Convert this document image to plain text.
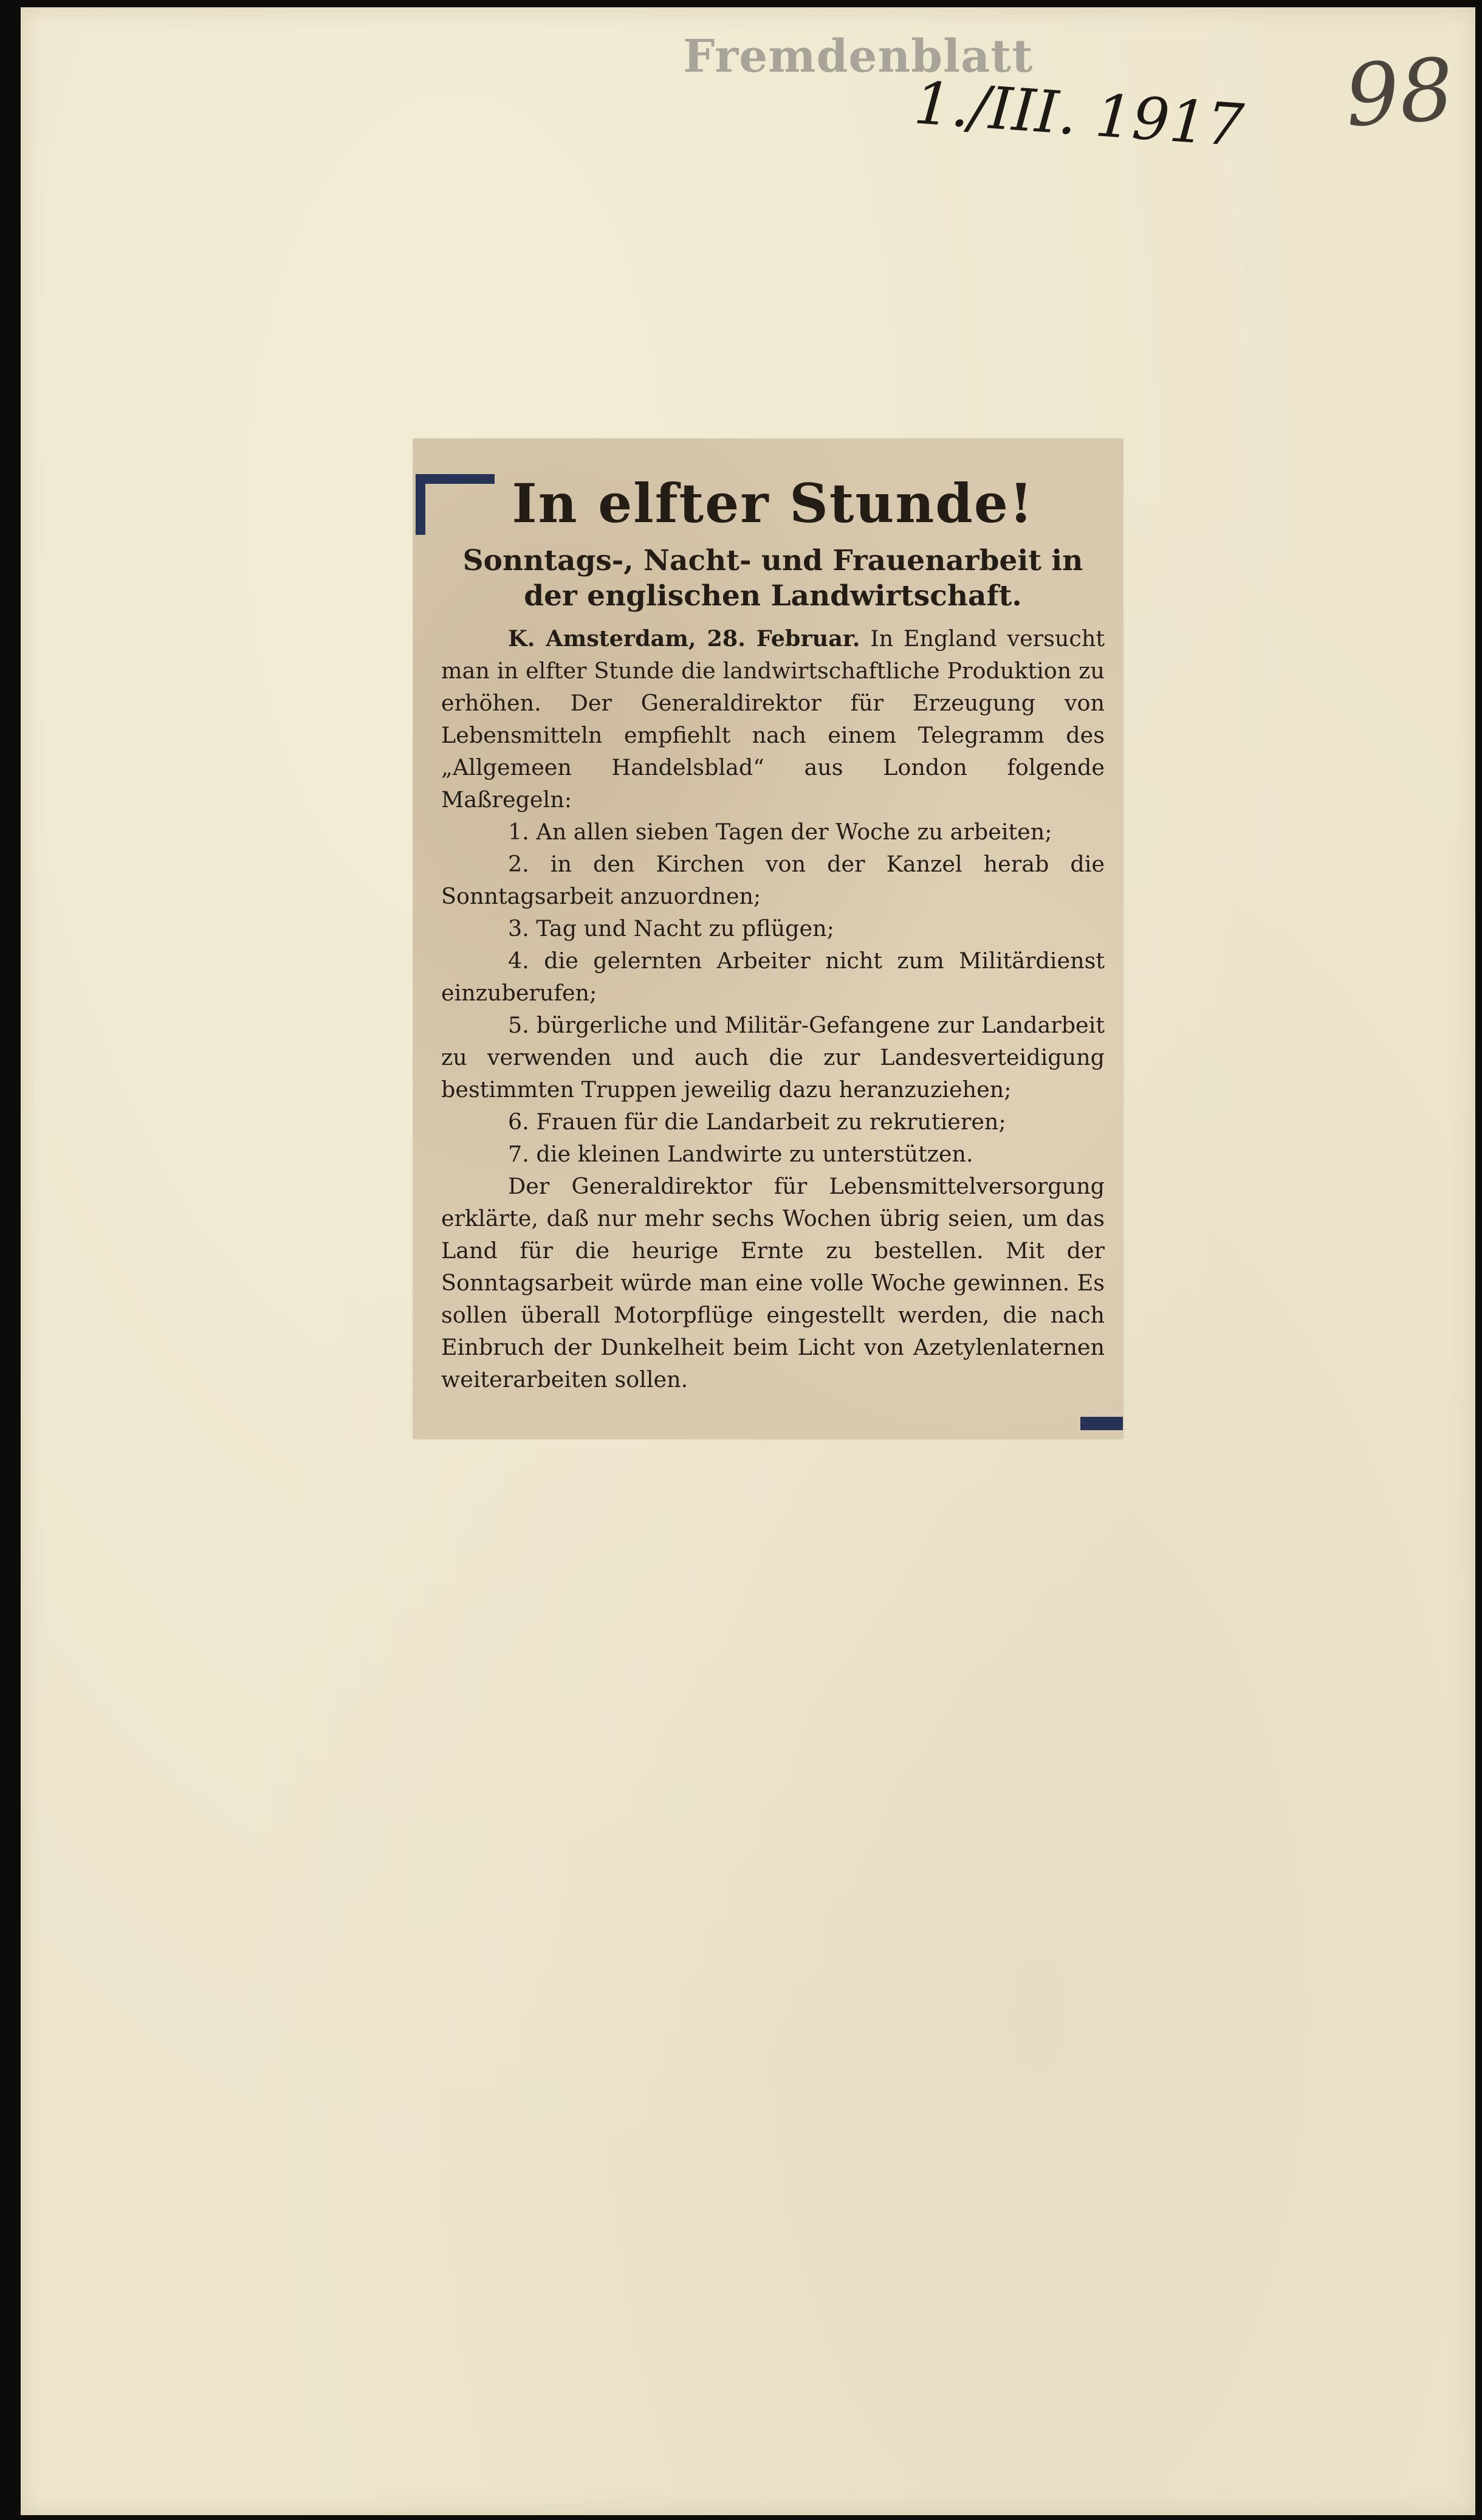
Fremdenblatt
1./III. 1917 98
In elfter Stunde!
Sonntags-, Nacht- und Frauenarbeit in der englischen Landwirtschaft.

K. Amsterdam, 28. Februar. In England versucht man in elfter Stunde die landwirtschaftliche Produktion zu erhöhen. Der Generaldirektor für Erzeugung von Lebensmitteln empfiehlt nach einem Telegramm des „Allgemeen Handelsblad“ aus London folgende Maßregeln:

1. An allen sieben Tagen der Woche zu arbeiten;

2. in den Kirchen von der Kanzel herab die Sonntagsarbeit anzuordnen;

3. Tag und Nacht zu pflügen;

4. die gelernten Arbeiter nicht zum Militärdienst einzuberufen;

5. bürgerliche und Militär-Gefangene zur Landarbeit zu verwenden und auch die zur Landesverteidigung bestimmten Truppen jeweilig dazu heranzuziehen;

6. Frauen für die Landarbeit zu rekrutieren;

7. die kleinen Landwirte zu unterstützen.

Der Generaldirektor für Lebensmittelversorgung erklärte, daß nur mehr sechs Wochen übrig seien, um das Land für die heurige Ernte zu bestellen. Mit der Sonntagsarbeit würde man eine volle Woche gewinnen. Es sollen überall Motorpflüge eingestellt werden, die nach Einbruch der Dunkelheit beim Licht von Azetylenlaternen weiterarbeiten sollen.
